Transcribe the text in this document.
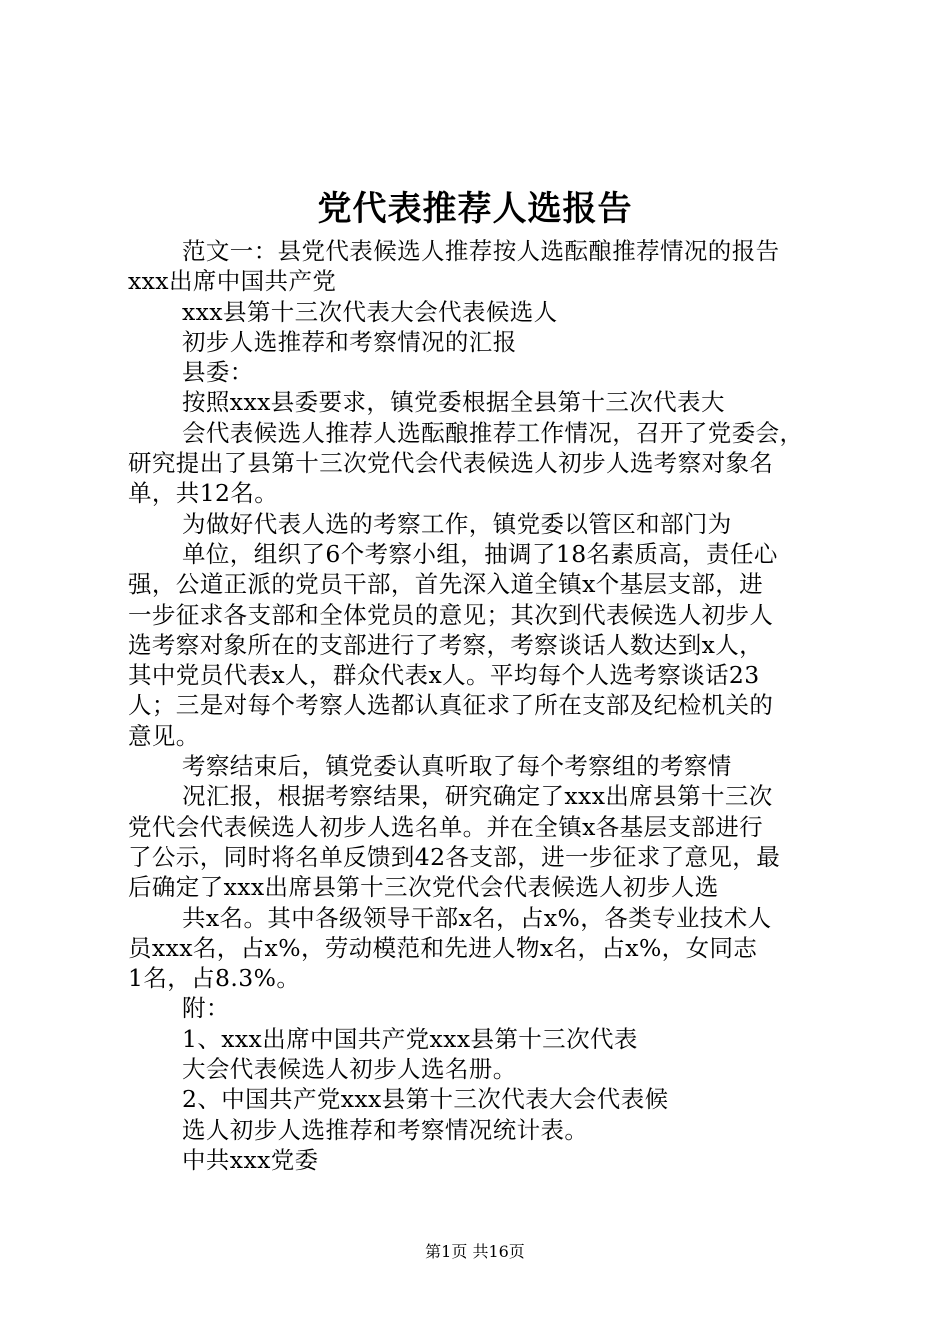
党代表推荐人选报告
范文一：县党代表候选人推荐按人选酝酿推荐情况的报告
xxx出席中国共产党
xxx县第十三次代表大会代表候选人
初步人选推荐和考察情况的汇报
县委：
按照xxx县委要求，镇党委根据全县第十三次代表大
会代表候选人推荐人选酝酿推荐工作情况，召开了党委会，
研究提出了县第十三次党代会代表候选人初步人选考察对象名
单，共12名。
为做好代表人选的考察工作，镇党委以管区和部门为
单位，组织了6个考察小组，抽调了18名素质高，责任心
强，公道正派的党员干部，首先深入道全镇x个基层支部，进
一步征求各支部和全体党员的意见；其次到代表候选人初步人
选考察对象所在的支部进行了考察，考察谈话人数达到x人，
其中党员代表x人，群众代表x人。平均每个人选考察谈话23
人；三是对每个考察人选都认真征求了所在支部及纪检机关的
意见。
考察结束后，镇党委认真听取了每个考察组的考察情
况汇报，根据考察结果，研究确定了xxx出席县第十三次
党代会代表候选人初步人选名单。并在全镇x各基层支部进行
了公示，同时将名单反馈到42各支部，进一步征求了意见，最
后确定了xxx出席县第十三次党代会代表候选人初步人选
共x名。其中各级领导干部x名，占x%，各类专业技术人
员xxx名，占x%，劳动模范和先进人物x名，占x%，女同志
1名，占8.3%。
附：
1、xxx出席中国共产党xxx县第十三次代表
大会代表候选人初步人选名册。
2、中国共产党xxx县第十三次代表大会代表候
选人初步人选推荐和考察情况统计表。
中共xxx党委
第1页 共16页
